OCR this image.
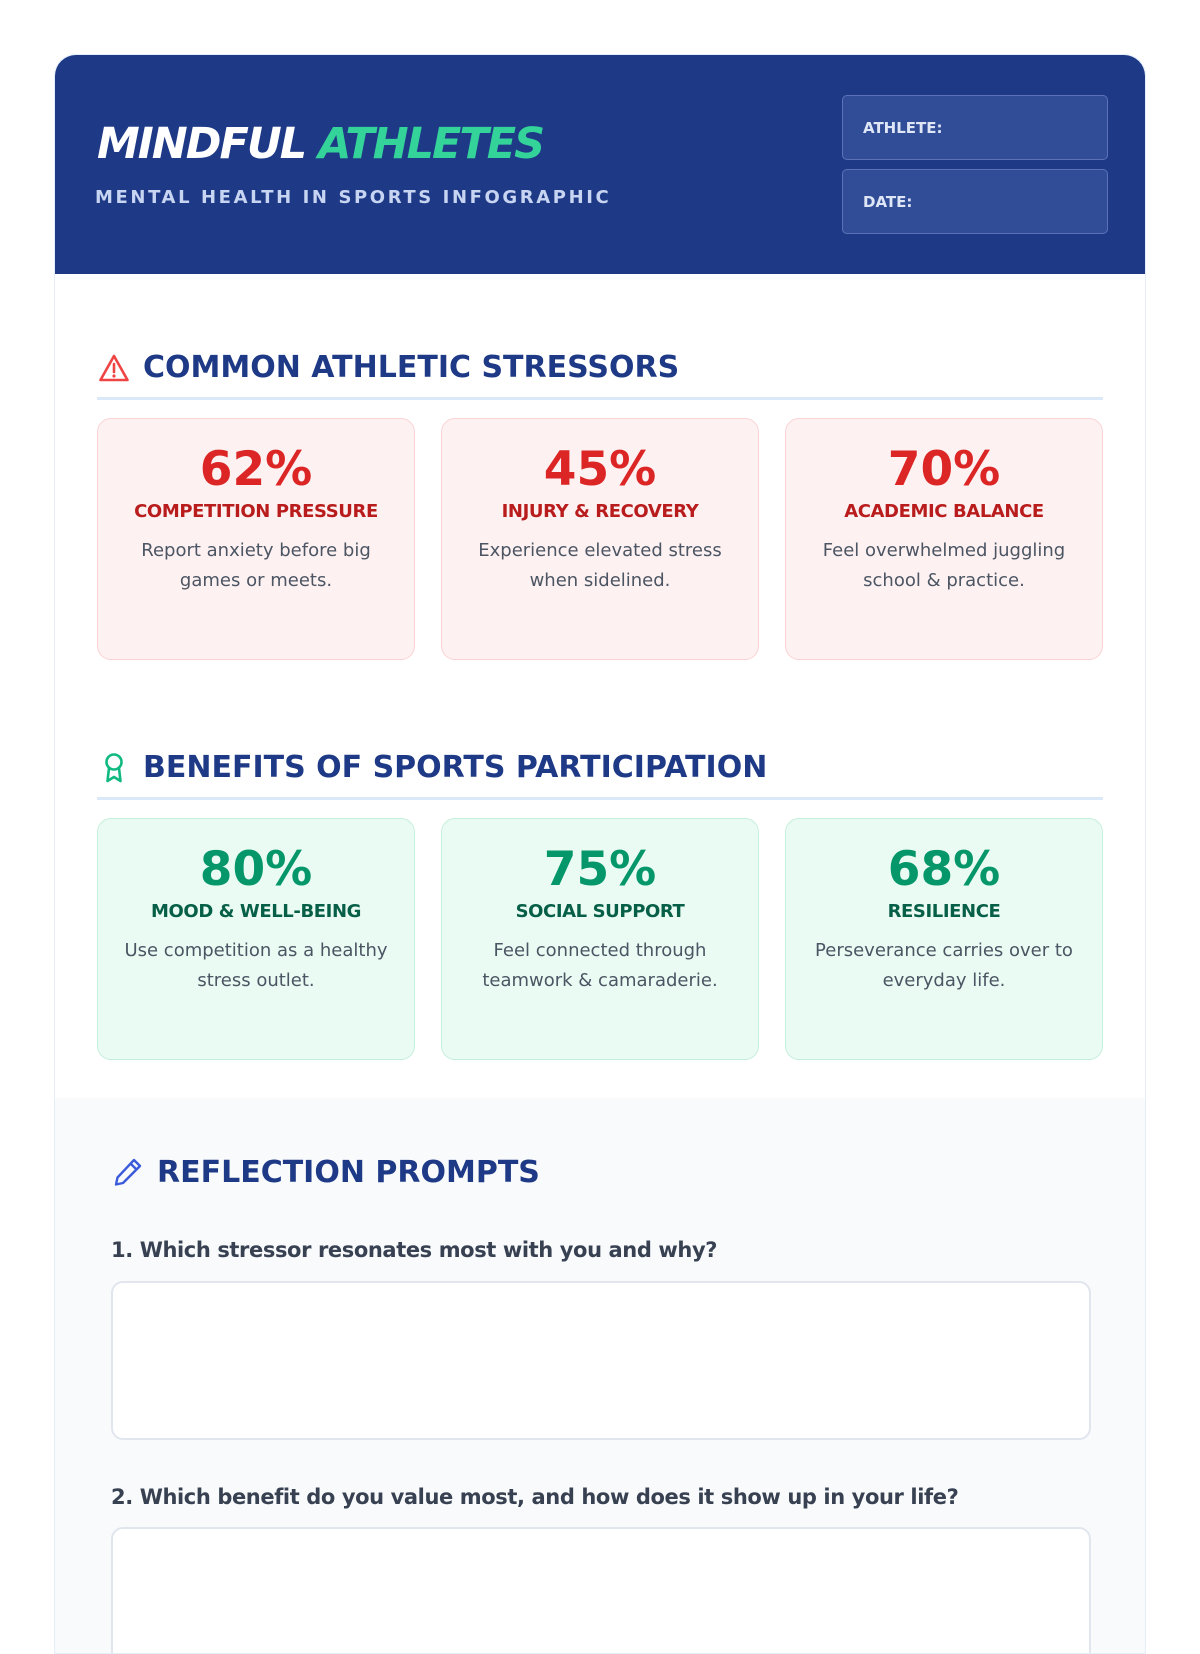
MINDFUL ATHLETES
MENTAL HEALTH IN SPORTS INFOGRAPHIC
ATHLETE:
DATE:
COMMON ATHLETIC STRESSORS
62%
COMPETITION PRESSURE
Report anxiety before big games or meets.
45%
INJURY & RECOVERY
Experience elevated stress when sidelined.
70%
ACADEMIC BALANCE
Feel overwhelmed juggling school & practice.
BENEFITS OF SPORTS PARTICIPATION
80%
MOOD & WELL-BEING
Use competition as a healthy stress outlet.
75%
SOCIAL SUPPORT
Feel connected through teamwork & camaraderie.
68%
RESILIENCE
Perseverance carries over to everyday life.
REFLECTION PROMPTS
1. Which stressor resonates most with you and why?
2. Which benefit do you value most, and how does it show up in your life?
